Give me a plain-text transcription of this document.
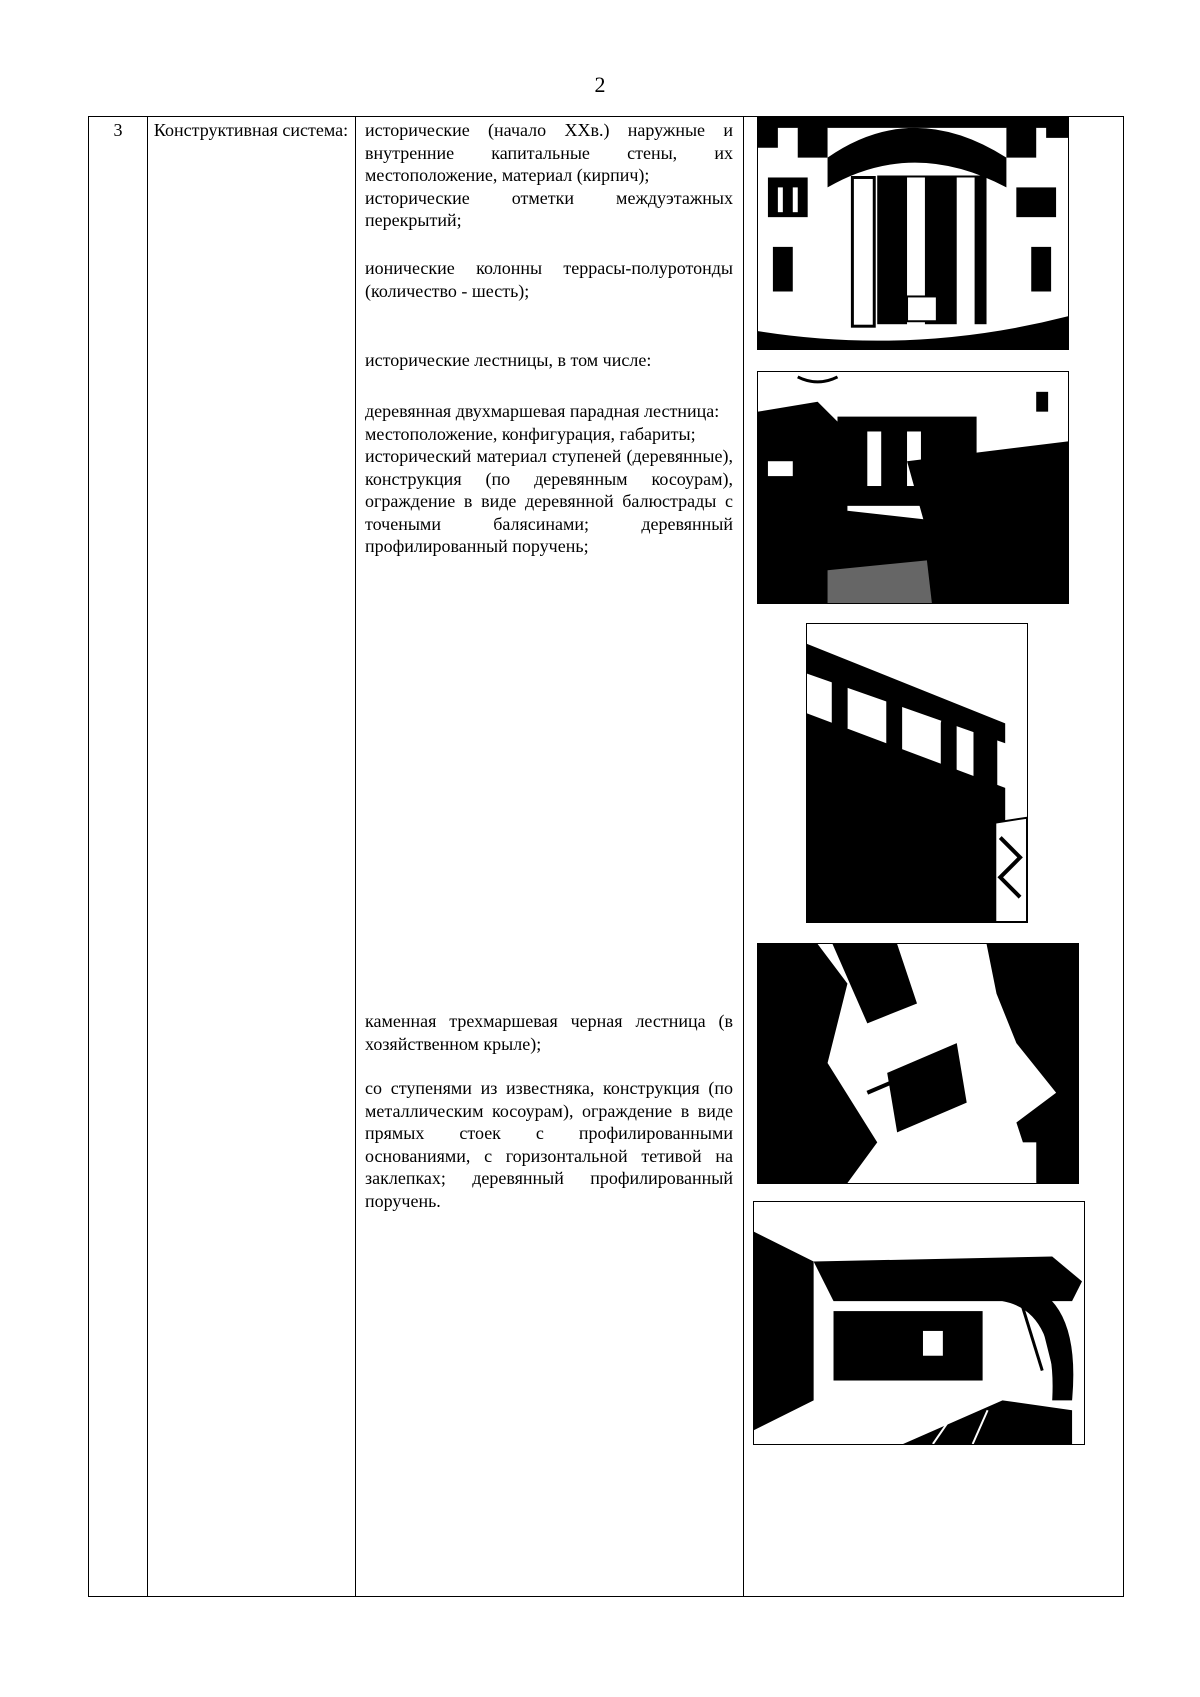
2
3	Конструктивная система: исторические (начало XXв.) наружные и внутренние капитальные стены, их местоположение, материал (кирпич);

исторические отметки междуэтажных перекрытий;

ионические колонны террасы-полуротонды (количество - шесть);

исторические лестницы, в том числе:

деревянная двухмаршевая парадная лестница:

местоположение, конфигурация, габариты;

исторический материал ступеней (деревянные), конструкция (по деревянным косоурам), ограждение в виде деревянной балюстрады с точеными балясинами; деревянный профилированный поручень;

каменная трехмаршевая черная лестница (в хозяйственном крыле);

со ступенями из известняка, конструкция (по металлическим косоурам), ограждение в виде прямых стоек с профилированными основаниями, с горизонтальной тетивой на заклепках; деревянный профилированный поручень.
